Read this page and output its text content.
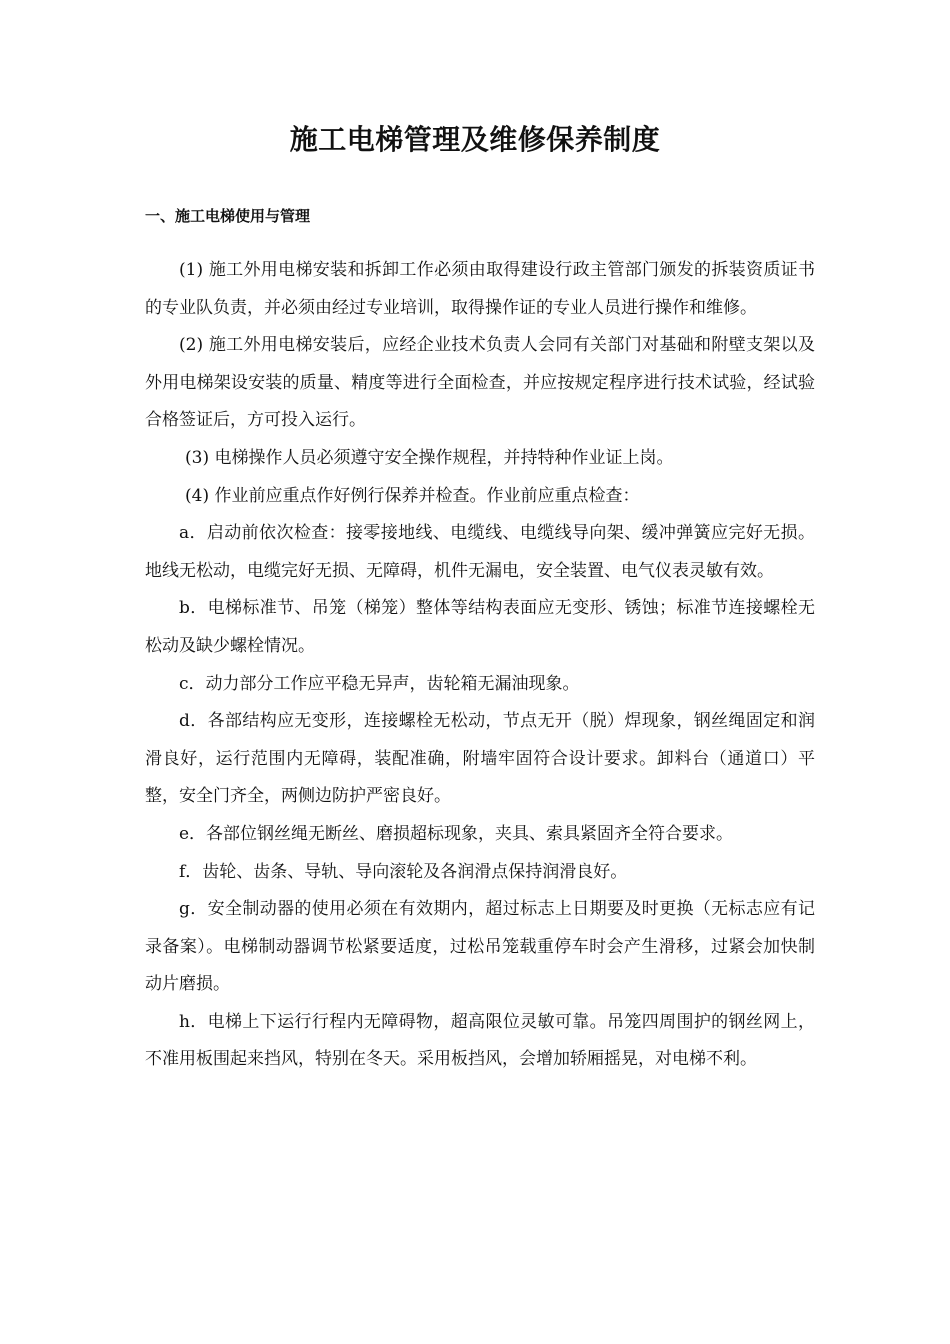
施工电梯管理及维修保养制度
一、施工电梯使用与管理

(1) 施工外用电梯安装和拆卸工作必须由取得建设行政主管部门颁发的拆装资质证书的专业队负责，并必须由经过专业培训，取得操作证的专业人员进行操作和维修。

(2) 施工外用电梯安装后，应经企业技术负责人会同有关部门对基础和附壁支架以及外用电梯架设安装的质量、精度等进行全面检查，并应按规定程序进行技术试验，经试验合格签证后，方可投入运行。

(3) 电梯操作人员必须遵守安全操作规程，并持特种作业证上岗。

(4) 作业前应重点作好例行保养并检查。作业前应重点检查：

a．启动前依次检查：接零接地线、电缆线、电缆线导向架、缓冲弹簧应完好无损。地线无松动，电缆完好无损、无障碍，机件无漏电，安全装置、电气仪表灵敏有效。

b．电梯标准节、吊笼（梯笼）整体等结构表面应无变形、锈蚀；标准节连接螺栓无松动及缺少螺栓情况。

c．动力部分工作应平稳无异声，齿轮箱无漏油现象。

d．各部结构应无变形，连接螺栓无松动，节点无开（脱）焊现象，钢丝绳固定和润滑良好，运行范围内无障碍，装配准确，附墙牢固符合设计要求。卸料台（通道口）平整，安全门齐全，两侧边防护严密良好。

e．各部位钢丝绳无断丝、磨损超标现象，夹具、索具紧固齐全符合要求。

f．齿轮、齿条、导轨、导向滚轮及各润滑点保持润滑良好。

g．安全制动器的使用必须在有效期内，超过标志上日期要及时更换（无标志应有记录备案）。电梯制动器调节松紧要适度，过松吊笼载重停车时会产生滑移，过紧会加快制动片磨损。

h．电梯上下运行行程内无障碍物，超高限位灵敏可靠。吊笼四周围护的钢丝网上，不准用板围起来挡风，特别在冬天。采用板挡风，会增加轿厢摇晃，对电梯不利。
